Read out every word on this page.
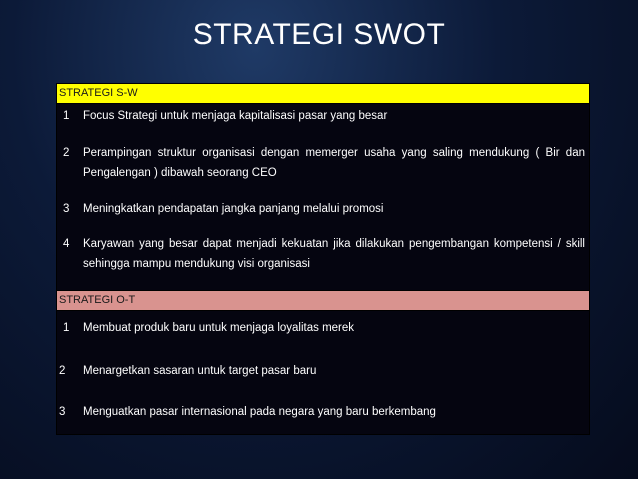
STRATEGI SWOT
STRATEGI S-W
1	Focus Strategi untuk menjaga kapitalisasi pasar yang besar
2	Perampingan struktur organisasi dengan memerger usaha yang saling mendukung ( Bir dan Pengalengan ) dibawah seorang CEO
3	Meningkatkan pendapatan jangka panjang melalui promosi
4	Karyawan yang besar dapat menjadi kekuatan jika dilakukan pengembangan kompetensi / skill sehingga mampu mendukung visi organisasi
STRATEGI O-T
1	Membuat produk baru untuk menjaga loyalitas merek
2	Menargetkan sasaran untuk target pasar baru
3	Menguatkan pasar internasional pada negara yang baru berkembang
